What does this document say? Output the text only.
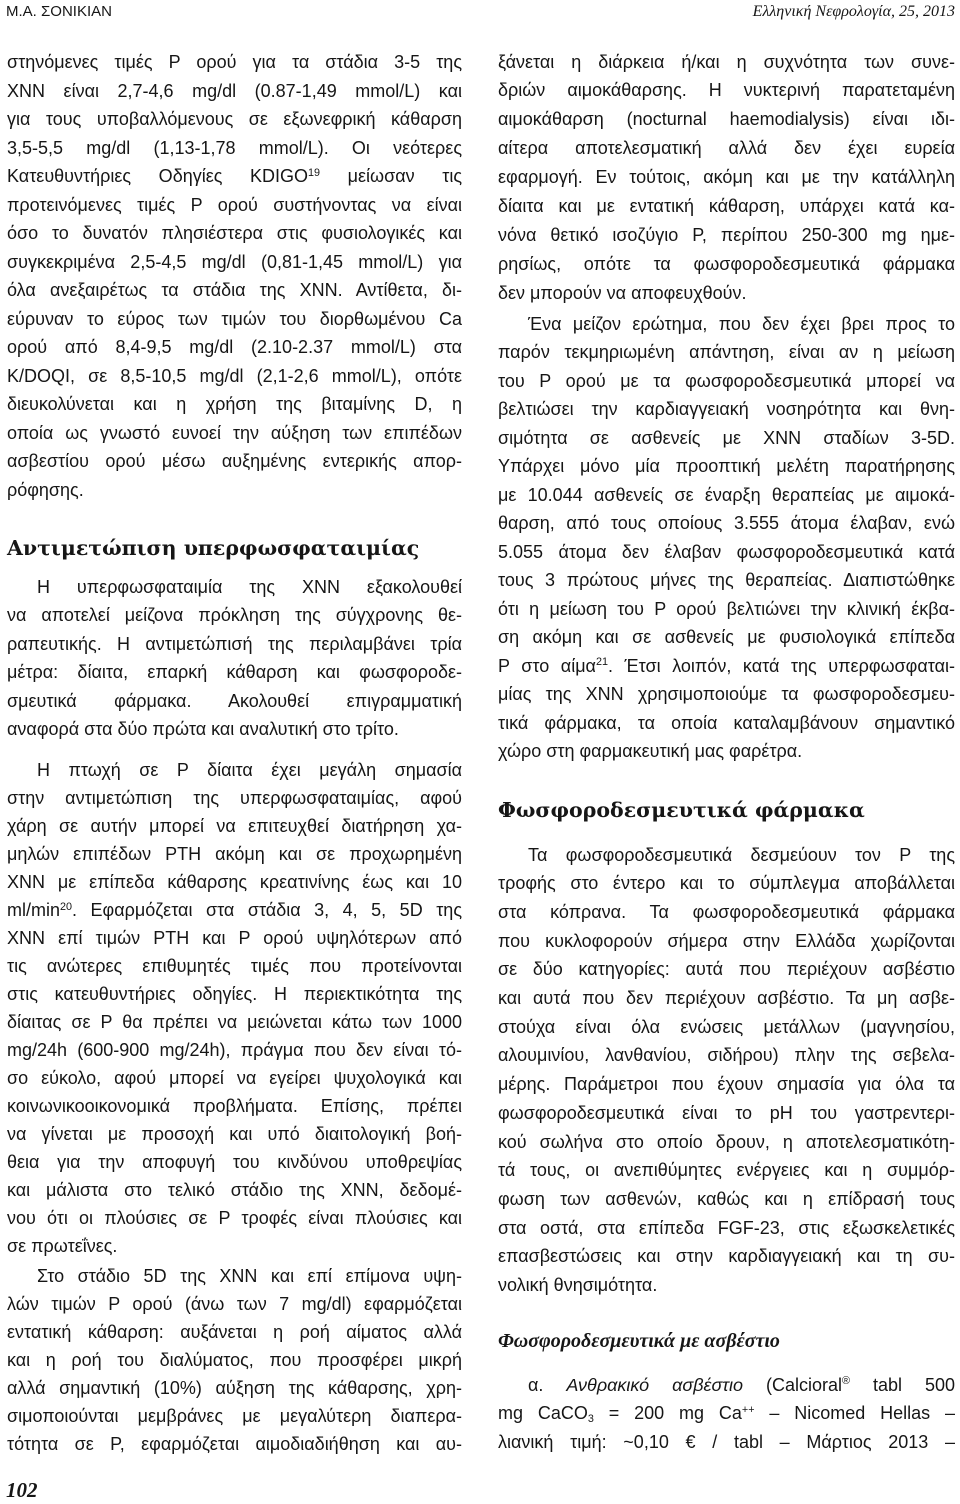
Μ.Α. ΣΟΝΙΚΙΑΝ	Ελληνική Νεφρολογία, 25, 2013
στηνόμενες τιμές P ορού για τα στάδια 3-5 της
ΧΝΝ είναι 2,7-4,6 mg/dl (0.87-1,49 mmol/L) και
για τους υποβαλλόμενους σε εξωνεφρική κάθαρση
3,5-5,5 mg/dl (1,13-1,78 mmol/L). Οι νεότερες
Κατευθυντήριες Οδηγίες KDIGO$^{19}$ μείωσαν τις
προτεινόμενες τιμές P ορού συστήνοντας να είναι
όσο το δυνατόν πλησιέστερα στις φυσιολογικές και
συγκεκριμένα 2,5-4,5 mg/dl (0,81-1,45 mmol/L) για
όλα ανεξαιρέτως τα στάδια της ΧΝΝ. Αντίθετα, δι-
εύρυναν το εύρος των τιμών του διορθωμένου Ca
ορού από 8,4-9,5 mg/dl (2.10-2.37 mmol/L) στα
K/DOQI, σε 8,5-10,5 mg/dl (2,1-2,6 mmol/L), οπότε
διευκολύνεται και η χρήση της βιταμίνης D, η
οποία ως γνωστό ευνοεί την αύξηση των επιπέδων
ασβεστίου ορού μέσω αυξημένης εντερικής απορ-
ρόφησης.
Αντιμετώπιση υπερφωσφαταιμίας
Η υπερφωσφαταιμία της ΧΝΝ εξακολουθεί
να αποτελεί μείζονα πρόκληση της σύγχρονης θε-
ραπευτικής. Η αντιμετώπισή της περιλαμβάνει τρία
μέτρα: δίαιτα, επαρκή κάθαρση και φωσφοροδε-
σμευτικά φάρμακα. Ακολουθεί επιγραμματική
αναφορά στα δύο πρώτα και αναλυτική στο τρίτο.
Η πτωχή σε P δίαιτα έχει μεγάλη σημασία
στην αντιμετώπιση της υπερφωσφαταιμίας, αφού
χάρη σε αυτήν μπορεί να επιτευχθεί διατήρηση χα-
μηλών επιπέδων PTH ακόμη και σε προχωρημένη
ΧΝΝ με επίπεδα κάθαρσης κρεατινίνης έως και 10
$ml/\min^{20}$. Εφαρμόζεται στα στάδια 3, 4, 5, 5D της
ΧΝΝ επί τιμών PTH και P ορού υψηλότερων από
τις ανώτερες επιθυμητές τιμές που προτείνονται
στις κατευθυντήριες οδηγίες. Η περιεκτικότητα της
δίαιτας σε P θα πρέπει να μειώνεται κάτω των 1000
mg/24h (600-900 mg/24h), πράγμα που δεν είναι τό-
σο εύκολο, αφού μπορεί να εγείρει ψυχολογικά και
κοινωνικοοικονομικά προβλήματα. Επίσης, πρέπει
να γίνεται με προσοχή και υπό διαιτολογική βοή-
θεια για την αποφυγή του κινδύνου υποθρεψίας
και μάλιστα στο τελικό στάδιο της ΧΝΝ, δεδομέ-
νου ότι οι πλούσιες σε P τροφές είναι πλούσιες και
σε πρωτεΐνες.
Στο στάδιο 5D της ΧΝΝ και επί επίμονα υψη-
λών τιμών P ορού (άνω των 7 mg/dl) εφαρμόζεται
εντατική κάθαρση: αυξάνεται η ροή αίματος αλλά
και η ροή του διαλύματος, που προσφέρει μικρή
αλλά σημαντική (10%) αύξηση της κάθαρσης, χρη-
σιμοποιούνται μεμβράνες με μεγαλύτερη διαπερα-
τότητα σε P, εφαρμόζεται αιμοδιαδιήθηση και αυ-
ξάνεται η διάρκεια ή/και η συχνότητα των συνε-
δριών αιμοκάθαρσης. Η νυκτερινή παρατεταμένη
αιμοκάθαρση (nocturnal haemodialysis) είναι ιδι-
αίτερα αποτελεσματική αλλά δεν έχει ευρεία
εφαρμογή. Εν τούτοις, ακόμη και με την κατάλληλη
δίαιτα και με εντατική κάθαρση, υπάρχει κατά κα-
νόνα θετικό ισοζύγιο P, περίπου 250-300 mg ημε-
ρησίως, οπότε τα φωσφοροδεσμευτικά φάρμακα
δεν μπορούν να αποφευχθούν.
Ένα μείζον ερώτημα, που δεν έχει βρει προς το
παρόν τεκμηριωμένη απάντηση, είναι αν η μείωση
του P ορού με τα φωσφοροδεσμευτικά μπορεί να
βελτιώσει την καρδιαγγειακή νοσηρότητα και θνη-
σιμότητα σε ασθενείς με ΧΝΝ σταδίων 3-5D.
Υπάρχει μόνο μία προοπτική μελέτη παρατήρησης
με 10.044 ασθενείς σε έναρξη θεραπείας με αιμοκά-
θαρση, από τους οποίους 3.555 άτομα έλαβαν, ενώ
5.055 άτομα δεν έλαβαν φωσφοροδεσμευτικά κατά
τους 3 πρώτους μήνες της θεραπείας. Διαπιστώθηκε
ότι η μείωση του P ορού βελτιώνει την κλινική έκβα-
ση ακόμη και σε ασθενείς με φυσιολογικά επίπεδα
P στο αίμα$^{21}$. Έτσι λοιπόν, κατά της υπερφωσφαται-
μίας της ΧΝΝ χρησιμοποιούμε τα φωσφοροδεσμευ-
τικά φάρμακα, τα οποία καταλαμβάνουν σημαντικό
χώρο στη φαρμακευτική μας φαρέτρα.
Φωσφοροδεσμευτικά φάρμακα
Τα φωσφοροδεσμευτικά δεσμεύουν τον P της
τροφής στο έντερο και το σύμπλεγμα αποβάλλεται
στα κόπρανα. Τα φωσφοροδεσμευτικά φάρμακα
που κυκλοφορούν σήμερα στην Ελλάδα χωρίζονται
σε δύο κατηγορίες: αυτά που περιέχουν ασβέστιο
και αυτά που δεν περιέχουν ασβέστιο. Τα μη ασβε-
στούχα είναι όλα ενώσεις μετάλλων (μαγνησίου,
αλουμινίου, λανθανίου, σιδήρου) πλην της σεβελα-
μέρης. Παράμετροι που έχουν σημασία για όλα τα
φωσφοροδεσμευτικά είναι το pH του γαστρεντερι-
κού σωλήνα στο οποίο δρουν, η αποτελεσματικότη-
τά τους, οι ανεπιθύμητες ενέργειες και η συμμόρ-
φωση των ασθενών, καθώς και η επίδρασή τους
στα οστά, στα επίπεδα FGF-23, στις εξωσκελετικές
επασβεστώσεις και στην καρδιαγγειακή και τη συ-
νολική θνησιμότητα.
Φωσφοροδεσμευτικά με ασβέστιο
α. Ανθρακικό ασβέστιο (Calcioral® tabl 500
mg CaCO$_3$ = 200 mg Ca++ – Nicomed Hellas –
λιανική τιμή: ~0,10 € / tabl – Μάρτιος 2013 –
102
